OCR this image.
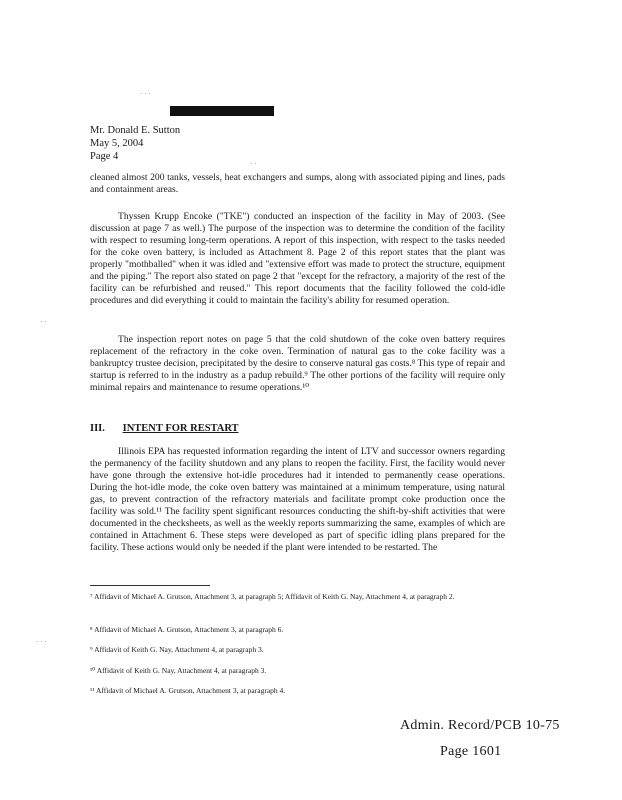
Mr. Donald E. Sutton
May 5, 2004
Page 4
cleaned almost 200 tanks, vessels, heat exchangers and sumps, along with associated piping and lines, pads and containment areas.
Thyssen Krupp Encoke ("TKE") conducted an inspection of the facility in May of 2003. (See discussion at page 7 as well.) The purpose of the inspection was to determine the condition of the facility with respect to resuming long-term operations. A report of this inspection, with respect to the tasks needed for the coke oven battery, is included as Attachment 8. Page 2 of this report states that the plant was properly "mothballed" when it was idled and "extensive effort was made to protect the structure, equipment and the piping." The report also stated on page 2 that "except for the refractory, a majority of the rest of the facility can be refurbished and reused." This report documents that the facility followed the cold-idle procedures and did everything it could to maintain the facility's ability for resumed operation.
The inspection report notes on page 5 that the cold shutdown of the coke oven battery requires replacement of the refractory in the coke oven. Termination of natural gas to the coke facility was a bankruptcy trustee decision, precipitated by the desire to conserve natural gas costs.⁸ This type of repair and startup is referred to in the industry as a padup rebuild.⁹ The other portions of the facility will require only minimal repairs and maintenance to resume operations.¹⁰
III. INTENT FOR RESTART
Illinois EPA has requested information regarding the intent of LTV and successor owners regarding the permanency of the facility shutdown and any plans to reopen the facility. First, the facility would never have gone through the extensive hot-idle procedures had it intended to permanently cease operations. During the hot-idle mode, the coke oven battery was maintained at a minimum temperature, using natural gas, to prevent contraction of the refractory materials and facilitate prompt coke production once the facility was sold.¹¹ The facility spent significant resources conducting the shift-by-shift activities that were documented in the checksheets, as well as the weekly reports summarizing the same, examples of which are contained in Attachment 6. These steps were developed as part of specific idling plans prepared for the facility. These actions would only be needed if the plant were intended to be restarted. The
⁷ Affidavit of Michael A. Grutson, Attachment 3, at paragraph 5; Affidavit of Keith G. Nay, Attachment 4, at paragraph 2.
⁸ Affidavit of Michael A. Grutson, Attachment 3, at paragraph 6.
⁹ Affidavit of Keith G. Nay, Attachment 4, at paragraph 3.
¹⁰ Affidavit of Keith G. Nay, Attachment 4, at paragraph 3.
¹¹ Affidavit of Michael A. Grutson, Attachment 3, at paragraph 4.
Admin. Record/PCB 10-75
Page 1601
· · ·
· ·
· ·
· · ·
